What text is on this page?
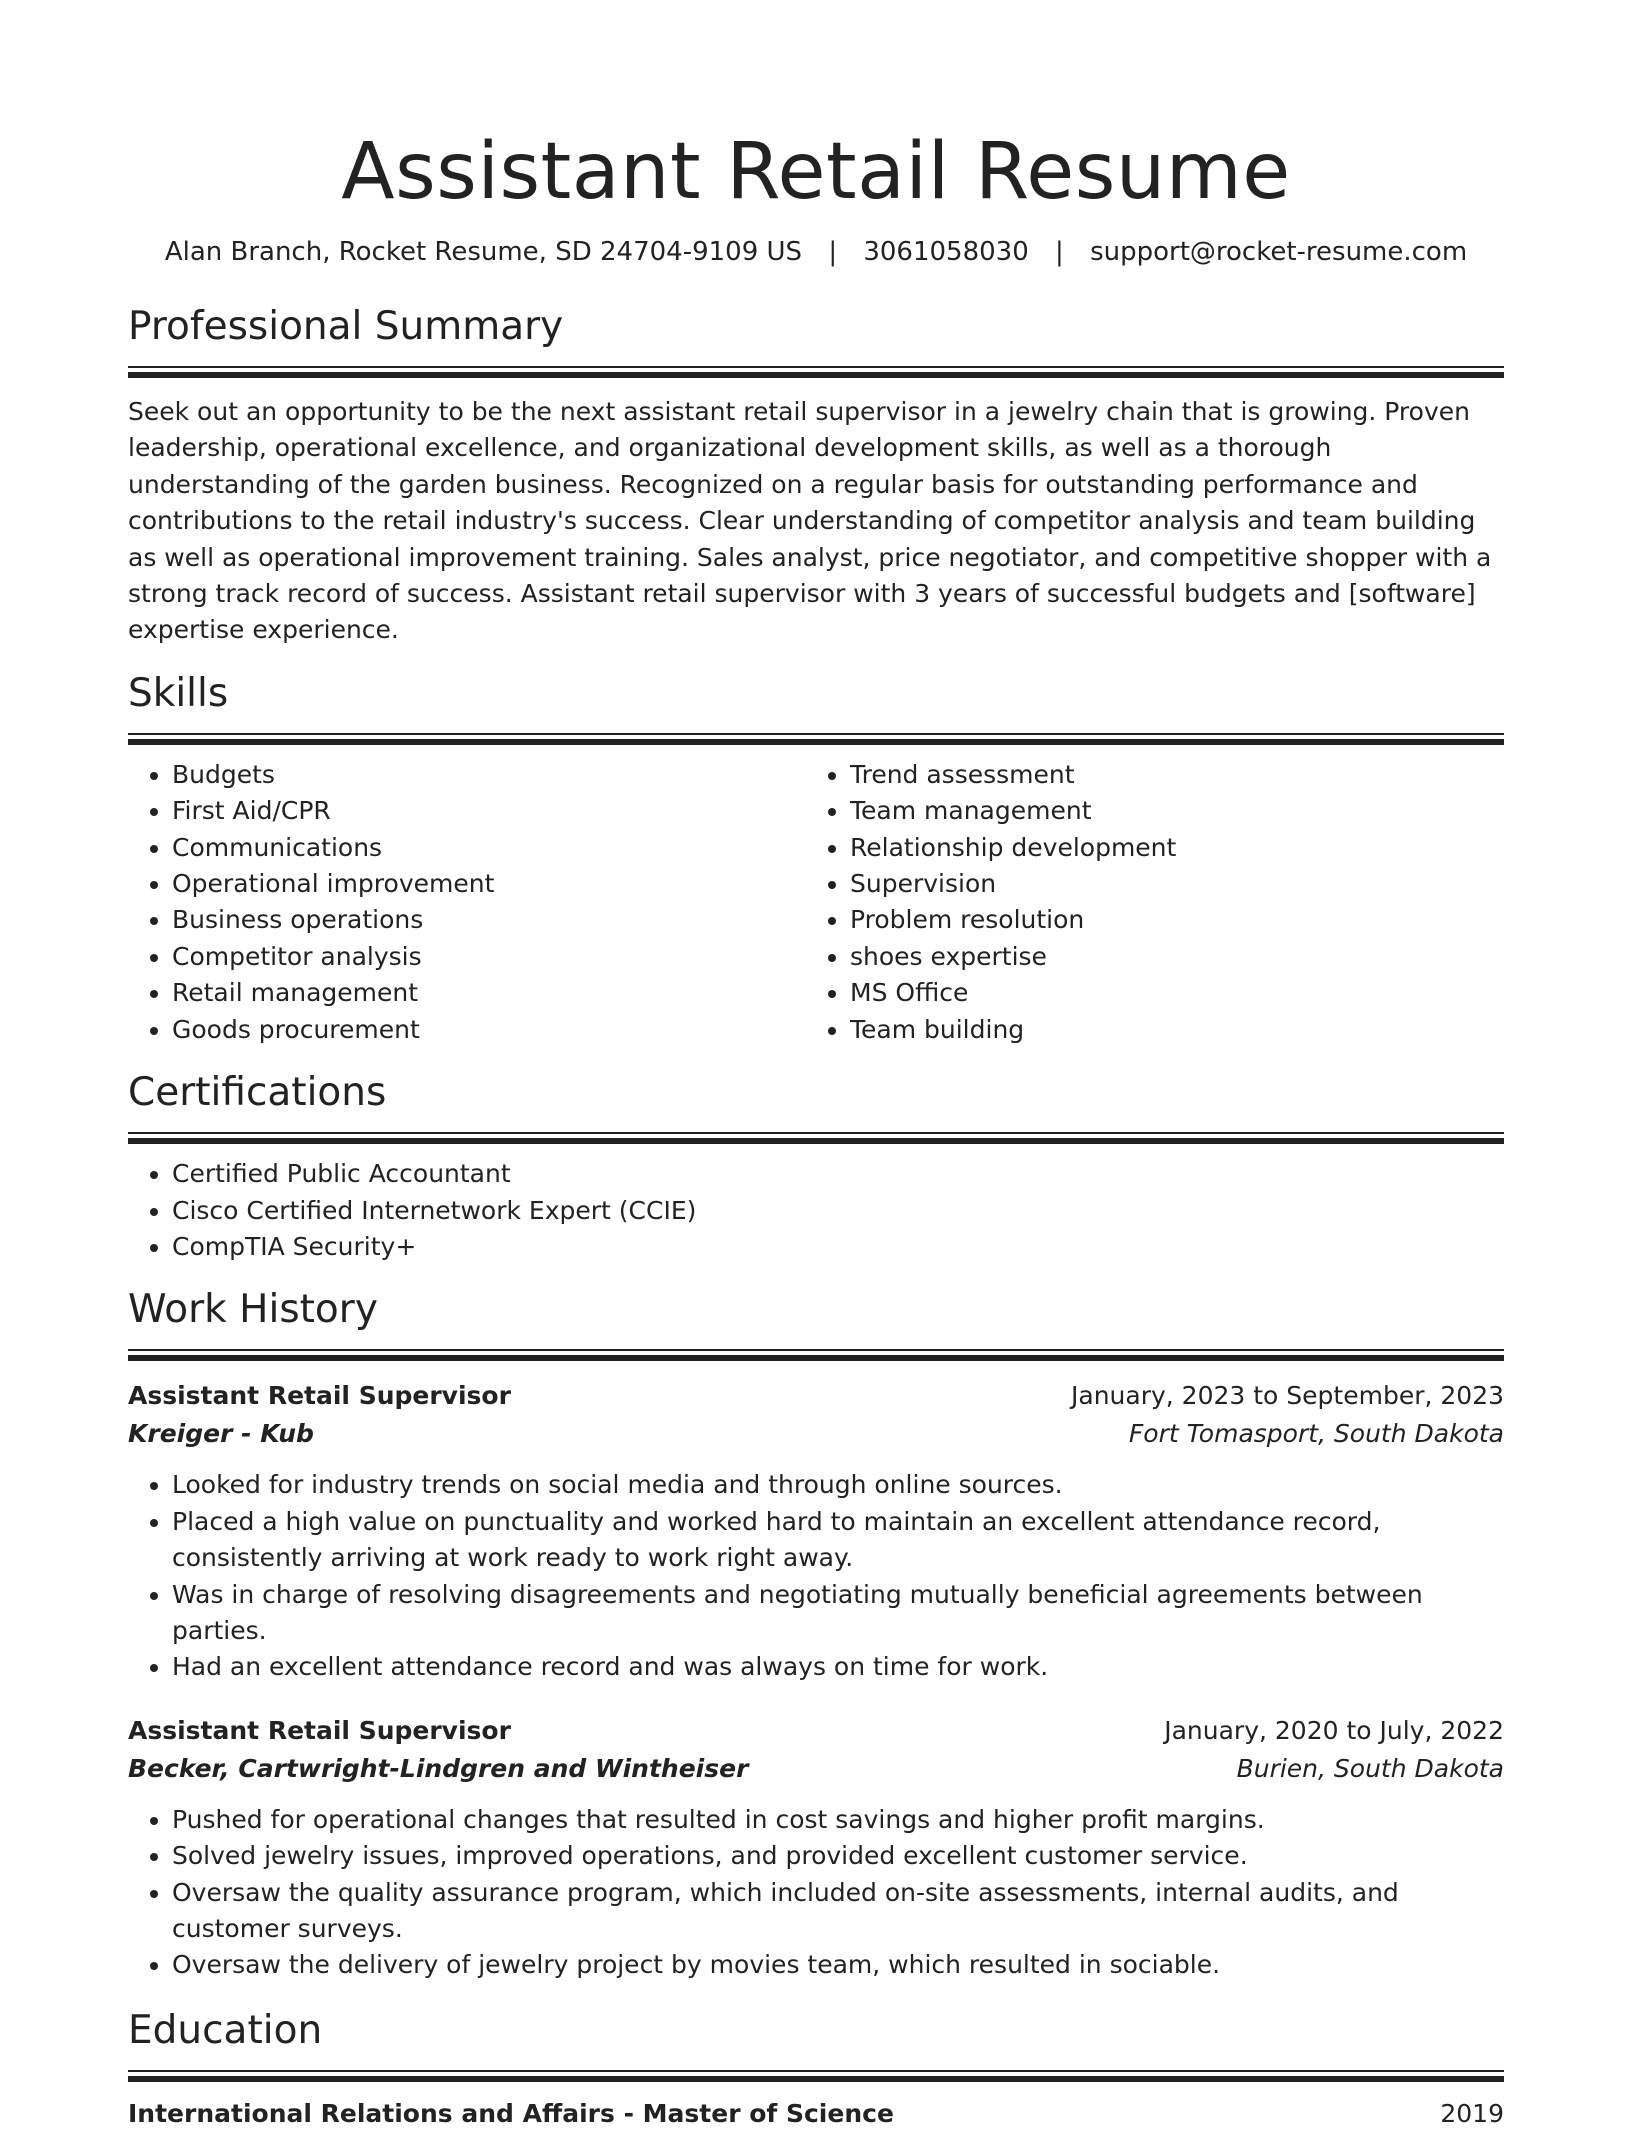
Assistant Retail Resume
Alan Branch, Rocket Resume, SD 24704-9109 US | 3061058030 | support@rocket-resume.com
Professional Summary

Seek out an opportunity to be the next assistant retail supervisor in a jewelry chain that is growing. Proven leadership, operational excellence, and organizational development skills, as well as a thorough understanding of the garden business. Recognized on a regular basis for outstanding performance and contributions to the retail industry's success. Clear understanding of competitor analysis and team building as well as operational improvement training. Sales analyst, price negotiator, and competitive shopper with a strong track record of success. Assistant retail supervisor with 3 years of successful budgets and [software] expertise experience.

Skills
• Budgets
• First Aid/CPR
• Communications
• Operational improvement
• Business operations
• Competitor analysis
• Retail management
• Goods procurement
• Trend assessment
• Team management
• Relationship development
• Supervision
• Problem resolution
• shoes expertise
• MS Office
• Team building
Certifications
• Certified Public Accountant
• Cisco Certified Internetwork Expert (CCIE)
• CompTIA Security+
Work History
Assistant Retail Supervisor	January, 2023 to September, 2023
Kreiger - Kub	Fort Tomasport, South Dakota
• Looked for industry trends on social media and through online sources.
• Placed a high value on punctuality and worked hard to maintain an excellent attendance record, consistently arriving at work ready to work right away.
• Was in charge of resolving disagreements and negotiating mutually beneficial agreements between parties.
• Had an excellent attendance record and was always on time for work.
Assistant Retail Supervisor	January, 2020 to July, 2022
Becker, Cartwright-Lindgren and Wintheiser	Burien, South Dakota
• Pushed for operational changes that resulted in cost savings and higher profit margins.
• Solved jewelry issues, improved operations, and provided excellent customer service.
• Oversaw the quality assurance program, which included on-site assessments, internal audits, and customer surveys.
• Oversaw the delivery of jewelry project by movies team, which resulted in sociable.
Education
International Relations and Affairs - Master of Science	2019
